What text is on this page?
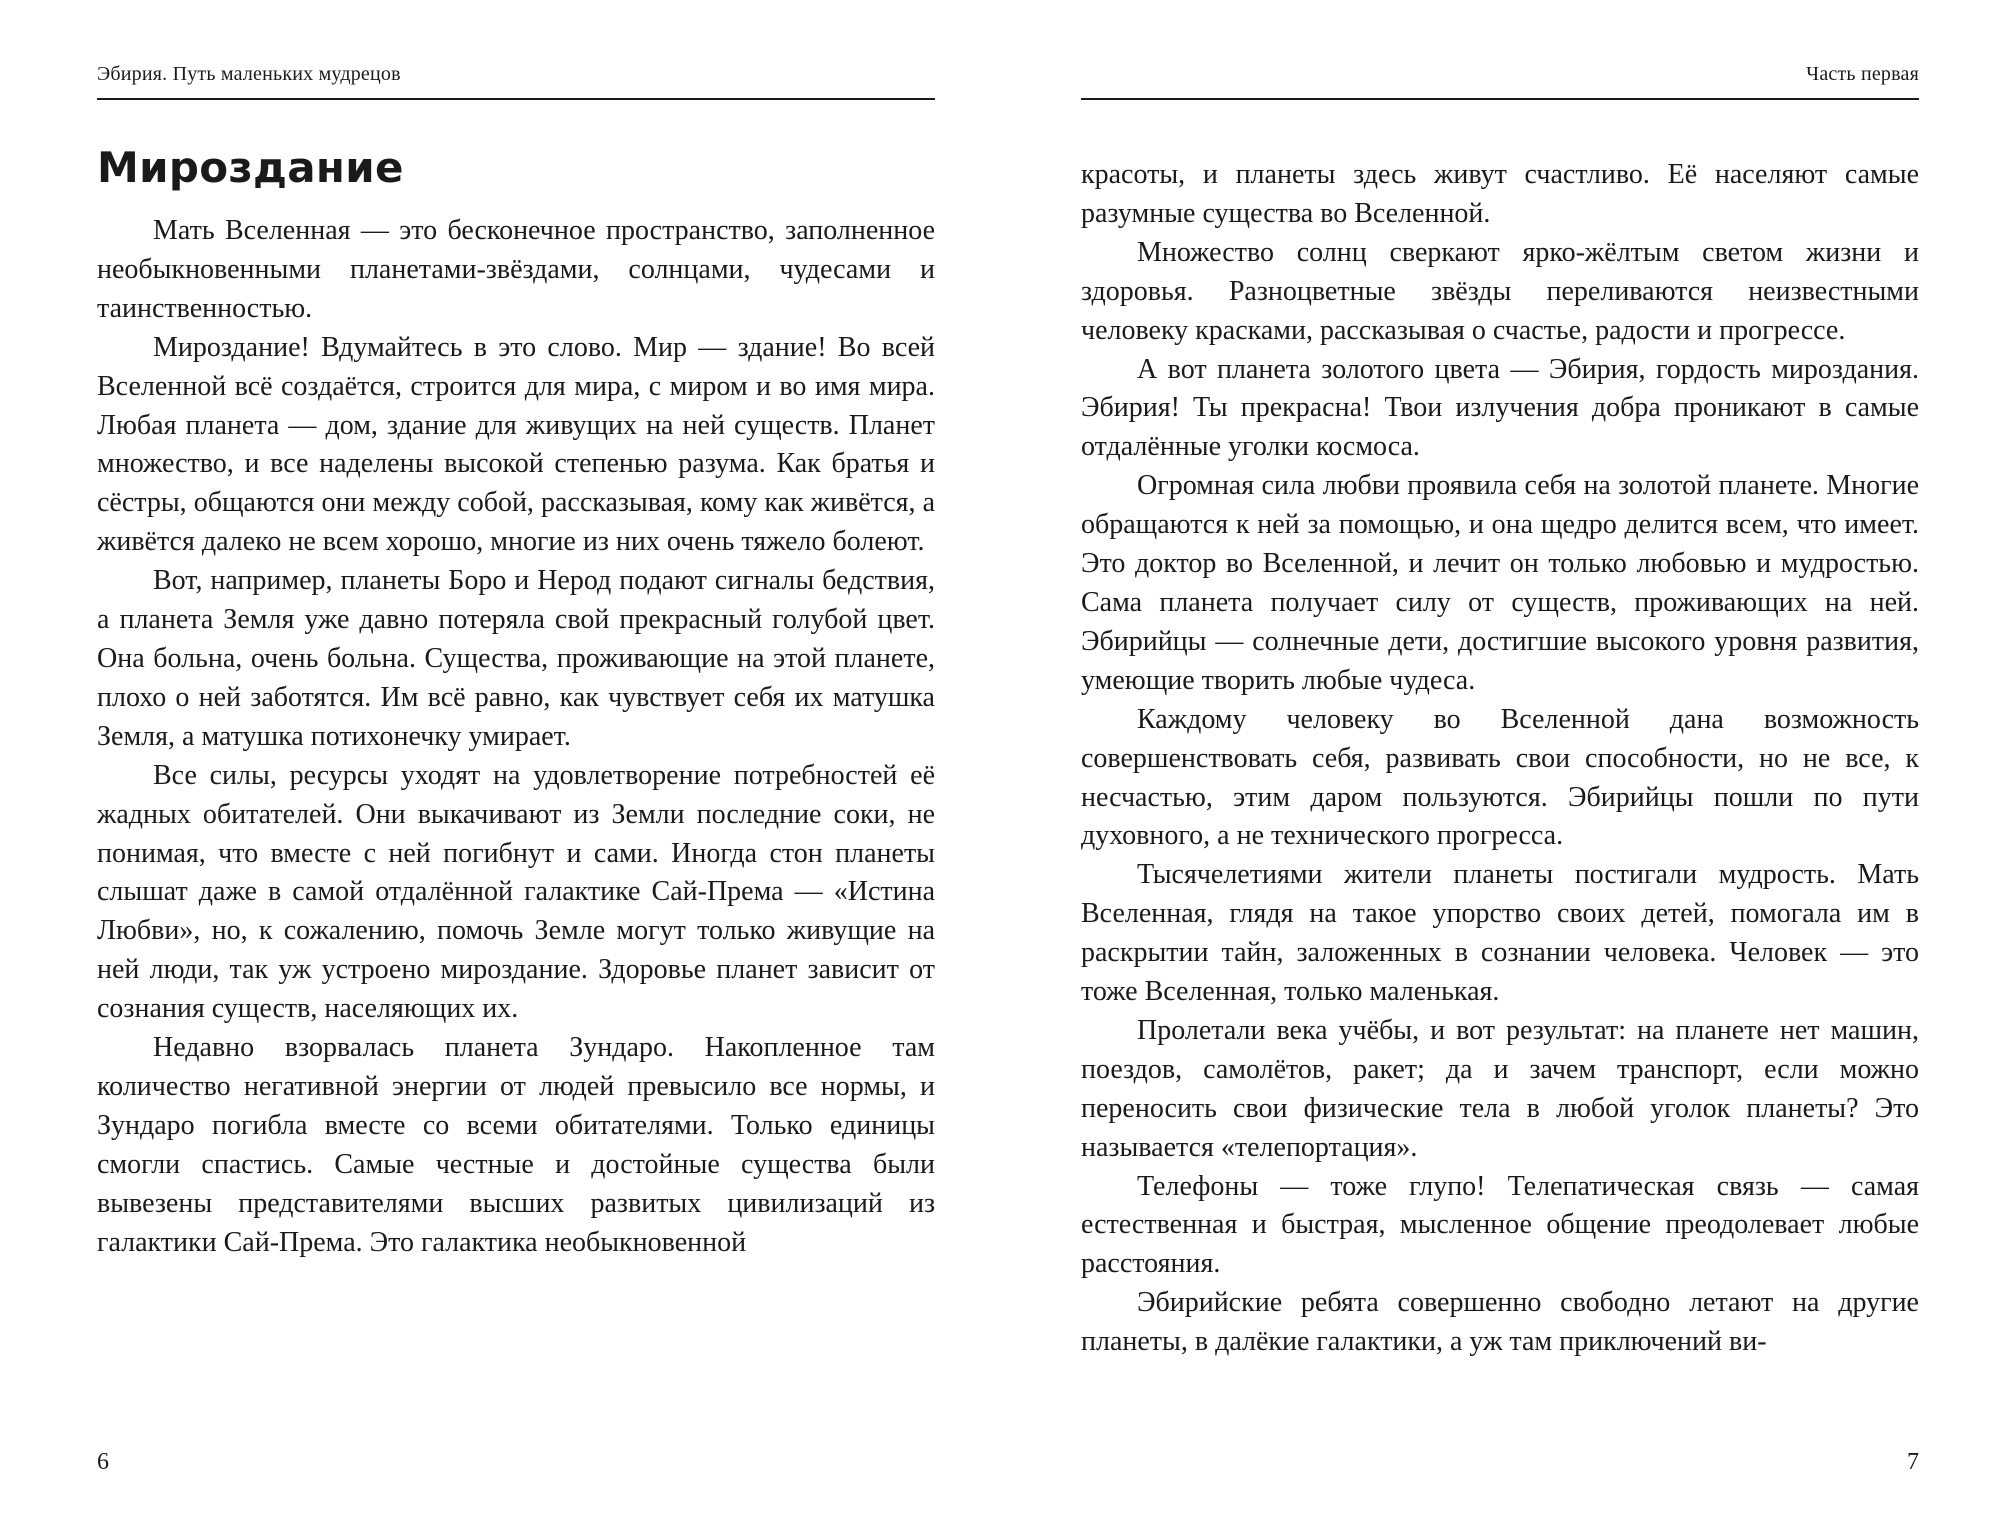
Эбирия. Путь маленьких мудрецов
Мироздание

Мать Вселенная — это бесконечное пространство, заполненное необыкновенными планетами-звёздами, солнцами, чудесами и таинственностью.

Мироздание! Вдумайтесь в это слово. Мир — здание! Во всей Вселенной всё создаётся, строится для мира, с миром и во имя мира. Любая планета — дом, здание для живущих на ней существ. Планет множество, и все наделены высокой степенью разума. Как братья и сёстры, общаются они между собой, рассказывая, кому как живётся, а живётся далеко не всем хорошо, многие из них очень тяжело болеют.

Вот, например, планеты Боро и Нерод подают сигналы бедствия, а планета Земля уже давно потеряла свой прекрасный голубой цвет. Она больна, очень больна. Существа, проживающие на этой планете, плохо о ней заботятся. Им всё равно, как чувствует себя их матушка Земля, а матушка потихонечку умирает.

Все силы, ресурсы уходят на удовлетворение потребностей её жадных обитателей. Они выкачивают из Земли последние соки, не понимая, что вместе с ней погибнут и сами. Иногда стон планеты слышат даже в самой отдалённой галактике Сай-Према — «Истина Любви», но, к сожалению, помочь Земле могут только живущие на ней люди, так уж устроено мироздание. Здоровье планет зависит от сознания существ, населяющих их.

Недавно взорвалась планета Зундаро. Накопленное там количество негативной энергии от людей превысило все нормы, и Зундаро погибла вместе со всеми обитателями. Только единицы смогли спастись. Самые честные и достойные существа были вывезены представителями высших развитых цивилизаций из галактики Сай-Према. Это галактика необыкновенной

6
Часть первая

красоты, и планеты здесь живут счастливо. Её населяют самые разумные существа во Вселенной.

Множество солнц сверкают ярко-жёлтым светом жизни и здоровья. Разноцветные звёзды переливаются неизвестными человеку красками, рассказывая о счастье, радости и прогрессе.

А вот планета золотого цвета — Эбирия, гордость мироздания. Эбирия! Ты прекрасна! Твои излучения добра проникают в самые отдалённые уголки космоса.

Огромная сила любви проявила себя на золотой планете. Многие обращаются к ней за помощью, и она щедро делится всем, что имеет. Это доктор во Вселенной, и лечит он только любовью и мудростью. Сама планета получает силу от существ, проживающих на ней. Эбирийцы — солнечные дети, достигшие высокого уровня развития, умеющие творить любые чудеса.

Каждому человеку во Вселенной дана возможность совершенствовать себя, развивать свои способности, но не все, к несчастью, этим даром пользуются. Эбирийцы пошли по пути духовного, а не технического прогресса.

Тысячелетиями жители планеты постигали мудрость. Мать Вселенная, глядя на такое упорство своих детей, помогала им в раскрытии тайн, заложенных в сознании человека. Человек — это тоже Вселенная, только маленькая.

Пролетали века учёбы, и вот результат: на планете нет машин, поездов, самолётов, ракет; да и зачем транспорт, если можно переносить свои физические тела в любой уголок планеты? Это называется «телепортация».

Телефоны — тоже глупо! Телепатическая связь — самая естественная и быстрая, мысленное общение преодолевает любые расстояния.

Эбирийские ребята совершенно свободно летают на другие планеты, в далёкие галактики, а уж там приключений ви-

7
